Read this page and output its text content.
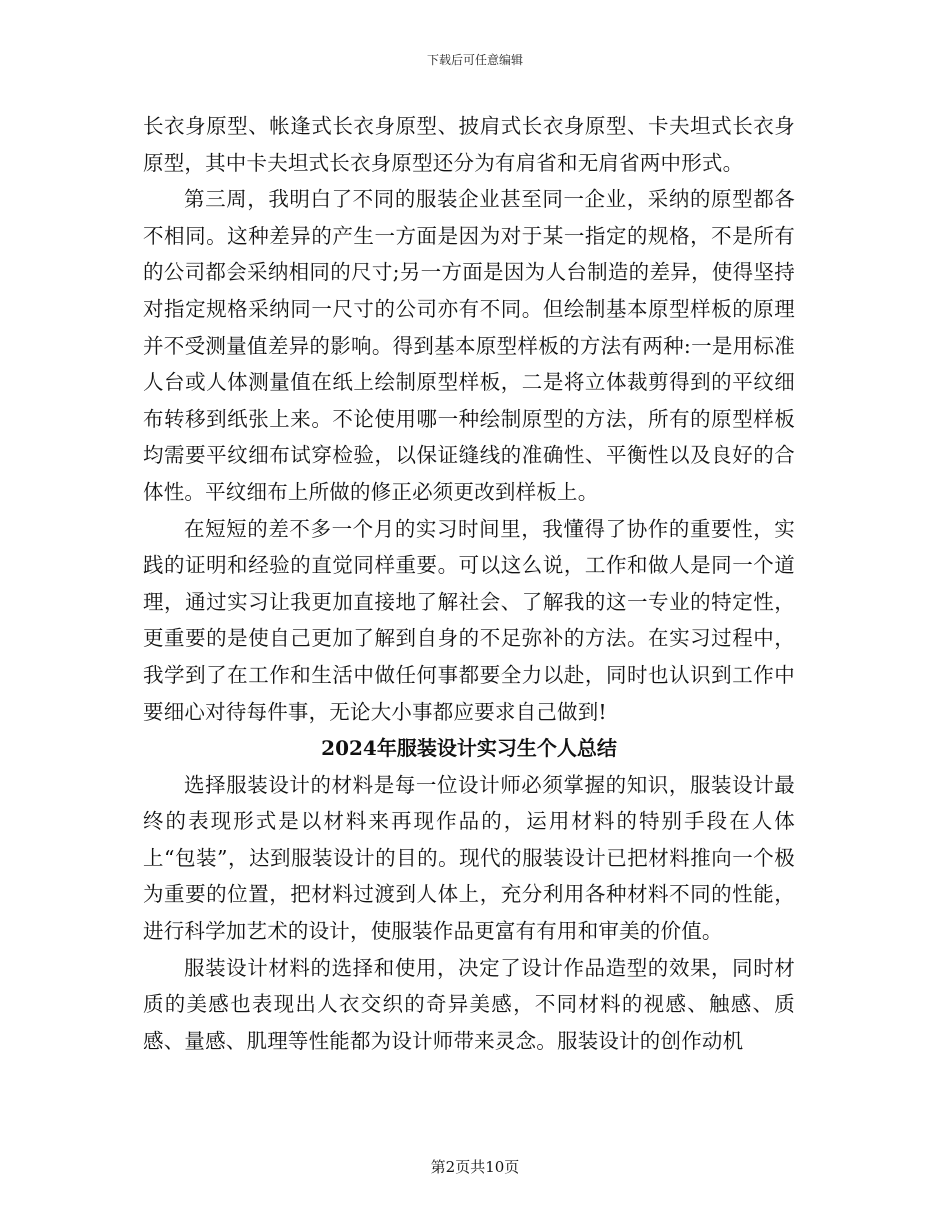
下载后可任意编辑

长衣身原型、帐逢式长衣身原型、披肩式长衣身原型、卡夫坦式长衣身原型，其中卡夫坦式长衣身原型还分为有肩省和无肩省两中形式。

第三周，我明白了不同的服装企业甚至同一企业，采纳的原型都各不相同。这种差异的产生一方面是因为对于某一指定的规格，不是所有的公司都会采纳相同的尺寸;另一方面是因为人台制造的差异，使得坚持对指定规格采纳同一尺寸的公司亦有不同。但绘制基本原型样板的原理并不受测量值差异的影响。得到基本原型样板的方法有两种:一是用标准人台或人体测量值在纸上绘制原型样板，二是将立体裁剪得到的平纹细布转移到纸张上来。不论使用哪一种绘制原型的方法，所有的原型样板均需要平纹细布试穿检验，以保证缝线的准确性、平衡性以及良好的合体性。平纹细布上所做的修正必须更改到样板上。

在短短的差不多一个月的实习时间里，我懂得了协作的重要性，实践的证明和经验的直觉同样重要。可以这么说，工作和做人是同一个道理，通过实习让我更加直接地了解社会、了解我的这一专业的特定性，更重要的是使自己更加了解到自身的不足弥补的方法。在实习过程中，我学到了在工作和生活中做任何事都要全力以赴，同时也认识到工作中要细心对待每件事，无论大小事都应要求自己做到!

2024年服装设计实习生个人总结

选择服装设计的材料是每一位设计师必须掌握的知识，服装设计最终的表现形式是以材料来再现作品的，运用材料的特别手段在人体上“包装”，达到服装设计的目的。现代的服装设计已把材料推向一个极为重要的位置，把材料过渡到人体上，充分利用各种材料不同的性能，进行科学加艺术的设计，使服装作品更富有有用和审美的价值。

服装设计材料的选择和使用，决定了设计作品造型的效果，同时材质的美感也表现出人衣交织的奇异美感，不同材料的视感、触感、质感、量感、肌理等性能都为设计师带来灵念。服装设计的创作动机

第2页共10页
